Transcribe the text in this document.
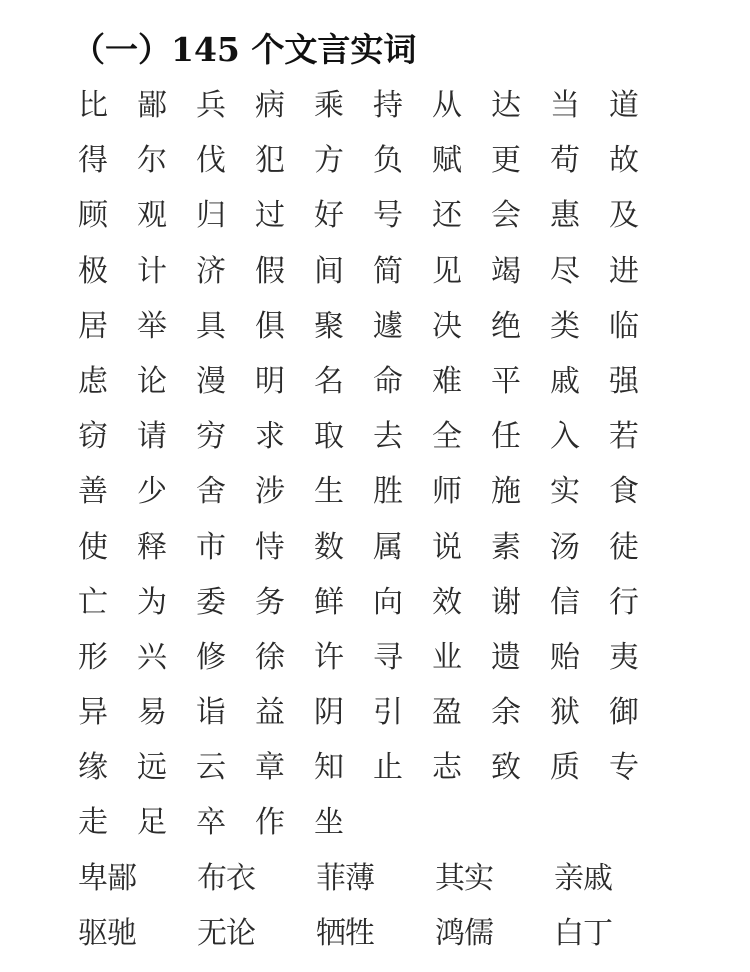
（一）145 个文言实词
比 鄙 兵 病 乘 持 从 达 当 道
得 尔 伐 犯 方 负 赋 更 苟 故
顾 观 归 过 好 号 还 会 惠 及
极 计 济 假 间 简 见 竭 尽 进
居 举 具 俱 聚 遽 决 绝 类 临
虑 论 漫 明 名 命 难 平 戚 强
窃 请 穷 求 取 去 全 任 入 若
善 少 舍 涉 生 胜 师 施 实 食
使 释 市 恃 数 属 说 素 汤 徒
亡 为 委 务 鲜 向 效 谢 信 行
形 兴 修 徐 许 寻 业 遗 贻 夷
异 易 诣 益 阴 引 盈 余 狱 御
缘 远 云 章 知 止 志 致 质 专
走 足 卒 作 坐
卑鄙	布衣	菲薄	其实	亲戚
驱驰	无论	牺牲	鸿儒	白丁
